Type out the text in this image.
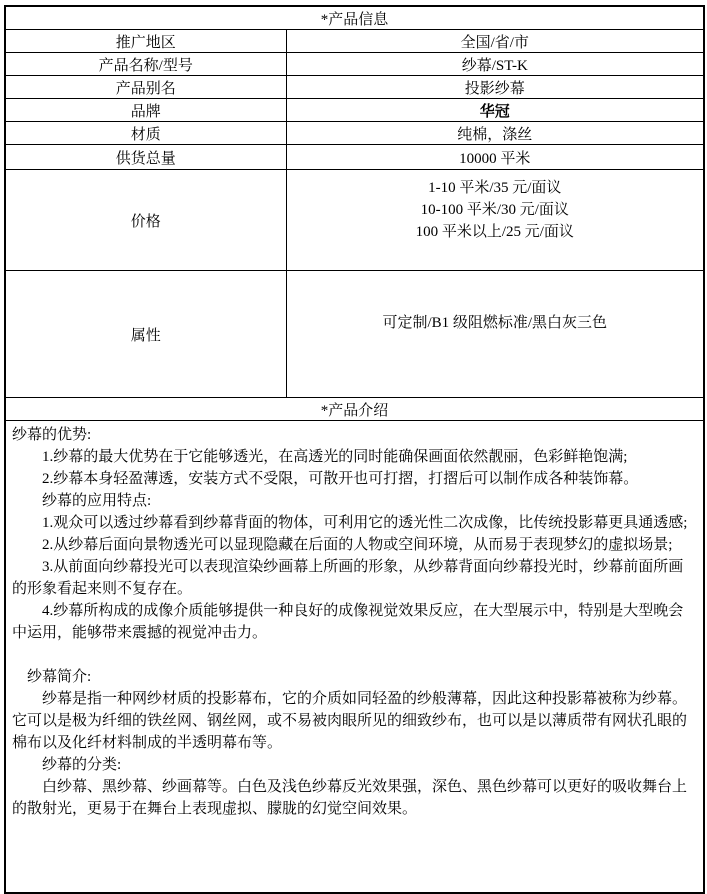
*产品信息	
推广地区	全国/省/市
产品名称/型号	纱幕/ST-K
产品别名	投影纱幕
品牌	华冠
材质	纯棉，涤丝
供货总量	10000 平米
价格	1-10 平米/35 元/面议
10-100 平米/30 元/面议
100 平米以上/25 元/面议

属性	可定制/B1 级阻燃标准/黑白灰三色
*产品介绍	

纱幕的优势:

1.纱幕的最大优势在于它能够透光，在高透光的同时能确保画面依然靓丽，色彩鲜艳饱满;

2.纱幕本身轻盈薄透，安装方式不受限，可散开也可打摺，打摺后可以制作成各种装饰幕。

纱幕的应用特点:

1.观众可以透过纱幕看到纱幕背面的物体，可利用它的透光性二次成像，比传统投影幕更具通透感;

2.从纱幕后面向景物透光可以显现隐藏在后面的人物或空间环境，从而易于表现梦幻的虚拟场景;

3.从前面向纱幕投光可以表现渲染纱画幕上所画的形象，从纱幕背面向纱幕投光时，纱幕前面所画的形象看起来则不复存在。

4.纱幕所构成的成像介质能够提供一种良好的成像视觉效果反应，在大型展示中，特别是大型晚会中运用，能够带来震撼的视觉冲击力。

纱幕简介:

纱幕是指一种网纱材质的投影幕布，它的介质如同轻盈的纱般薄幕，因此这种投影幕被称为纱幕。它可以是极为纤细的铁丝网、钢丝网，或不易被肉眼所见的细致纱布，也可以是以薄质带有网状孔眼的棉布以及化纤材料制成的半透明幕布等。

纱幕的分类:

白纱幕、黑纱幕、纱画幕等。白色及浅色纱幕反光效果强，深色、黑色纱幕可以更好的吸收舞台上的散射光，更易于在舞台上表现虚拟、朦胧的幻觉空间效果。
